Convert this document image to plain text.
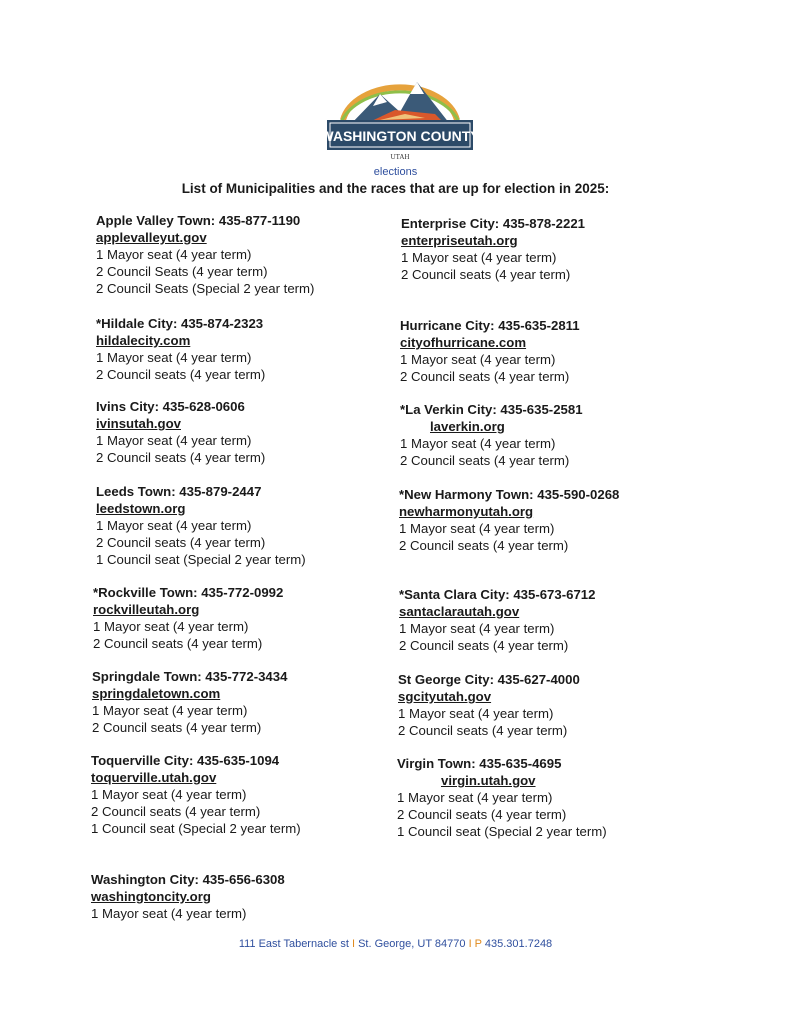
WASHINGTON COUNTY
UTAH
elections
List of Municipalities and the races that are up for election in 2025:
Apple Valley Town: 435-877-1190
applevalleyut.gov
1 Mayor seat (4 year term)
2 Council Seats (4 year term)
2 Council Seats (Special 2 year term)
*Hildale City: 435-874-2323
hildalecity.com
1 Mayor seat (4 year term)
2 Council seats (4 year term)
Ivins City: 435-628-0606
ivinsutah.gov
1 Mayor seat (4 year term)
2 Council seats (4 year term)
Leeds Town: 435-879-2447
leedstown.org
1 Mayor seat (4 year term)
2 Council seats (4 year term)
1 Council seat (Special 2 year term)
*Rockville Town: 435-772-0992
rockvilleutah.org
1 Mayor seat (4 year term)
2 Council seats (4 year term)
Springdale Town: 435-772-3434
springdaletown.com
1 Mayor seat (4 year term)
2 Council seats (4 year term)
Toquerville City: 435-635-1094
toquerville.utah.gov
1 Mayor seat (4 year term)
2 Council seats (4 year term)
1 Council seat (Special 2 year term)
Washington City: 435-656-6308
washingtoncity.org
1 Mayor seat (4 year term)
Enterprise City: 435-878-2221
enterpriseutah.org
1 Mayor seat (4 year term)
2 Council seats (4 year term)
Hurricane City: 435-635-2811
cityofhurricane.com
1 Mayor seat (4 year term)
2 Council seats (4 year term)
*La Verkin City: 435-635-2581
laverkin.org
1 Mayor seat (4 year term)
2 Council seats (4 year term)
*New Harmony Town: 435-590-0268
newharmonyutah.org
1 Mayor seat (4 year term)
2 Council seats (4 year term)
*Santa Clara City: 435-673-6712
santaclarautah.gov
1 Mayor seat (4 year term)
2 Council seats (4 year term)
St George City: 435-627-4000
sgcityutah.gov
1 Mayor seat (4 year term)
2 Council seats (4 year term)
Virgin Town: 435-635-4695
virgin.utah.gov
1 Mayor seat (4 year term)
2 Council seats (4 year term)
1 Council seat (Special 2 year term)
111 East Tabernacle st I St. George, UT 84770 I P 435.301.7248
